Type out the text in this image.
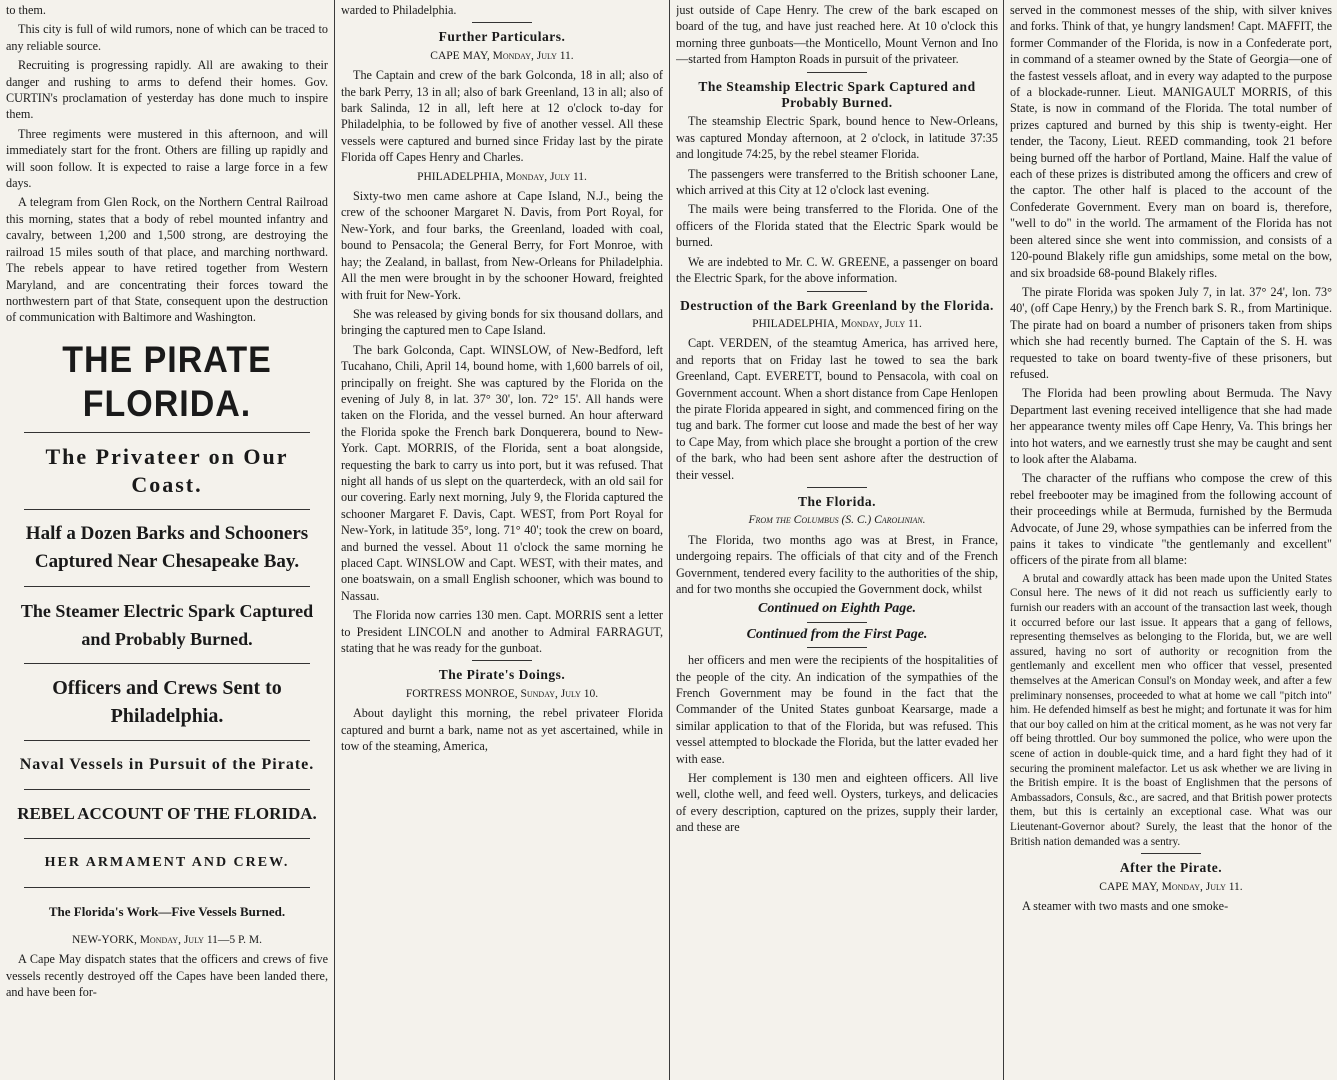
to them.

This city is full of wild rumors, none of which can be traced to any reliable source.

Recruiting is progressing rapidly. All are awaking to their danger and rushing to arms to defend their homes. Gov. CURTIN's proclamation of yesterday has done much to inspire them.

Three regiments were mustered in this afternoon, and will immediately start for the front. Others are filling up rapidly and will soon follow. It is expected to raise a large force in a few days.

A telegram from Glen Rock, on the Northern Central Railroad this morning, states that a body of rebel mounted infantry and cavalry, between 1,200 and 1,500 strong, are destroying the railroad 15 miles south of that place, and marching northward. The rebels appear to have retired together from Western Maryland, and are concentrating their forces toward the northwestern part of that State, consequent upon the destruction of communication with Baltimore and Washington.

THE PIRATE FLORIDA.
The Privateer on Our Coast.
Half a Dozen Barks and Schooners Captured Near Chesapeake Bay.
The Steamer Electric Spark Captured and Probably Burned.
Officers and Crews Sent to Philadelphia.
Naval Vessels in Pursuit of the Pirate.
REBEL ACCOUNT OF THE FLORIDA.
HER ARMAMENT AND CREW.
The Florida's Work—Five Vessels Burned.
NEW-YORK, Monday, July 11—5 P. M.

A Cape May dispatch states that the officers and crews of five vessels recently destroyed off the Capes have been landed there, and have been for-

warded to Philadelphia.

Further Particulars.
CAPE MAY, Monday, July 11.

The Captain and crew of the bark Golconda, 18 in all; also of the bark Perry, 13 in all; also of bark Greenland, 13 in all; also of bark Salinda, 12 in all, left here at 12 o'clock to-day for Philadelphia, to be followed by five of another vessel. All these vessels were captured and burned since Friday last by the pirate Florida off Capes Henry and Charles.

PHILADELPHIA, Monday, July 11.

Sixty-two men came ashore at Cape Island, N.J., being the crew of the schooner Margaret N. Davis, from Port Royal, for New-York, and four barks, the Greenland, loaded with coal, bound to Pensacola; the General Berry, for Fort Monroe, with hay; the Zealand, in ballast, from New-Orleans for Philadelphia. All the men were brought in by the schooner Howard, freighted with fruit for New-York.

She was released by giving bonds for six thousand dollars, and bringing the captured men to Cape Island.

The bark Golconda, Capt. WINSLOW, of New-Bedford, left Tucahano, Chili, April 14, bound home, with 1,600 barrels of oil, principally on freight. She was captured by the Florida on the evening of July 8, in lat. 37° 30', lon. 72° 15'. All hands were taken on the Florida, and the vessel burned. An hour afterward the Florida spoke the French bark Donquerera, bound to New-York. Capt. MORRIS, of the Florida, sent a boat alongside, requesting the bark to carry us into port, but it was refused. That night all hands of us slept on the quarterdeck, with an old sail for our covering. Early next morning, July 9, the Florida captured the schooner Margaret F. Davis, Capt. WEST, from Port Royal for New-York, in latitude 35°, long. 71° 40'; took the crew on board, and burned the vessel. About 11 o'clock the same morning he placed Capt. WINSLOW and Capt. WEST, with their mates, and one boatswain, on a small English schooner, which was bound to Nassau.

The Florida now carries 130 men. Capt. MORRIS sent a letter to President LINCOLN and another to Admiral FARRAGUT, stating that he was ready for the gunboat.

The Pirate's Doings.
FORTRESS MONROE, Sunday, July 10.

About daylight this morning, the rebel privateer Florida captured and burnt a bark, name not as yet ascertained, while in tow of the steaming, America,

just outside of Cape Henry. The crew of the bark escaped on board of the tug, and have just reached here. At 10 o'clock this morning three gunboats—the Monticello, Mount Vernon and Ino—started from Hampton Roads in pursuit of the privateer.

The Steamship Electric Spark Captured and Probably Burned.

The steamship Electric Spark, bound hence to New-Orleans, was captured Monday afternoon, at 2 o'clock, in latitude 37:35 and longitude 74:25, by the rebel steamer Florida.

The passengers were transferred to the British schooner Lane, which arrived at this City at 12 o'clock last evening.

The mails were being transferred to the Florida. One of the officers of the Florida stated that the Electric Spark would be burned.

We are indebted to Mr. C. W. GREENE, a passenger on board the Electric Spark, for the above information.

Destruction of the Bark Greenland by the Florida.
PHILADELPHIA, Monday, July 11.

Capt. VERDEN, of the steamtug America, has arrived here, and reports that on Friday last he towed to sea the bark Greenland, Capt. EVERETT, bound to Pensacola, with coal on Government account. When a short distance from Cape Henlopen the pirate Florida appeared in sight, and commenced firing on the tug and bark. The former cut loose and made the best of her way to Cape May, from which place she brought a portion of the crew of the bark, who had been sent ashore after the destruction of their vessel.

The Florida.
From the Columbus (S. C.) Carolinian.

The Florida, two months ago was at Brest, in France, undergoing repairs. The officials of that city and of the French Government, tendered every facility to the authorities of the ship, and for two months she occupied the Government dock, whilst

Continued on Eighth Page.
Continued from the First Page.

her officers and men were the recipients of the hospitalities of the people of the city. An indication of the sympathies of the French Government may be found in the fact that the Commander of the United States gunboat Kearsarge, made a similar application to that of the Florida, but was refused. This vessel attempted to blockade the Florida, but the latter evaded her with ease.

Her complement is 130 men and eighteen officers. All live well, clothe well, and feed well. Oysters, turkeys, and delicacies of every description, captured on the prizes, supply their larder, and these are

served in the commonest messes of the ship, with silver knives and forks. Think of that, ye hungry landsmen! Capt. MAFFIT, the former Commander of the Florida, is now in a Confederate port, in command of a steamer owned by the State of Georgia—one of the fastest vessels afloat, and in every way adapted to the purpose of a blockade-runner. Lieut. MANIGAULT MORRIS, of this State, is now in command of the Florida. The total number of prizes captured and burned by this ship is twenty-eight. Her tender, the Tacony, Lieut. REED commanding, took 21 before being burned off the harbor of Portland, Maine. Half the value of each of these prizes is distributed among the officers and crew of the captor. The other half is placed to the account of the Confederate Government. Every man on board is, therefore, "well to do" in the world. The armament of the Florida has not been altered since she went into commission, and consists of a 120-pound Blakely rifle gun amidships, some metal on the bow, and six broadside 68-pound Blakely rifles.

The pirate Florida was spoken July 7, in lat. 37° 24', lon. 73° 40', (off Cape Henry,) by the French bark S. R., from Martinique. The pirate had on board a number of prisoners taken from ships which she had recently burned. The Captain of the S. H. was requested to take on board twenty-five of these prisoners, but refused.

The Florida had been prowling about Bermuda. The Navy Department last evening received intelligence that she had made her appearance twenty miles off Cape Henry, Va. This brings her into hot waters, and we earnestly trust she may be caught and sent to look after the Alabama.

The character of the ruffians who compose the crew of this rebel freebooter may be imagined from the following account of their proceedings while at Bermuda, furnished by the Bermuda Advocate, of June 29, whose sympathies can be inferred from the pains it takes to vindicate "the gentlemanly and excellent" officers of the pirate from all blame:

A brutal and cowardly attack has been made upon the United States Consul here. The news of it did not reach us sufficiently early to furnish our readers with an account of the transaction last week, though it occurred before our last issue. It appears that a gang of fellows, representing themselves as belonging to the Florida, but, we are well assured, having no sort of authority or recognition from the gentlemanly and excellent men who officer that vessel, presented themselves at the American Consul's on Monday week, and after a few preliminary nonsenses, proceeded to what at home we call "pitch into" him. He defended himself as best he might; and fortunate it was for him that our boy called on him at the critical moment, as he was not very far off being throttled. Our boy summoned the police, who were upon the scene of action in double-quick time, and a hard fight they had of it securing the prominent malefactor. Let us ask whether we are living in the British empire. It is the boast of Englishmen that the persons of Ambassadors, Consuls, &c., are sacred, and that British power protects them, but this is certainly an exceptional case. What was our Lieutenant-Governor about? Surely, the least that the honor of the British nation demanded was a sentry.

After the Pirate.
CAPE MAY, Monday, July 11.

A steamer with two masts and one smoke-
